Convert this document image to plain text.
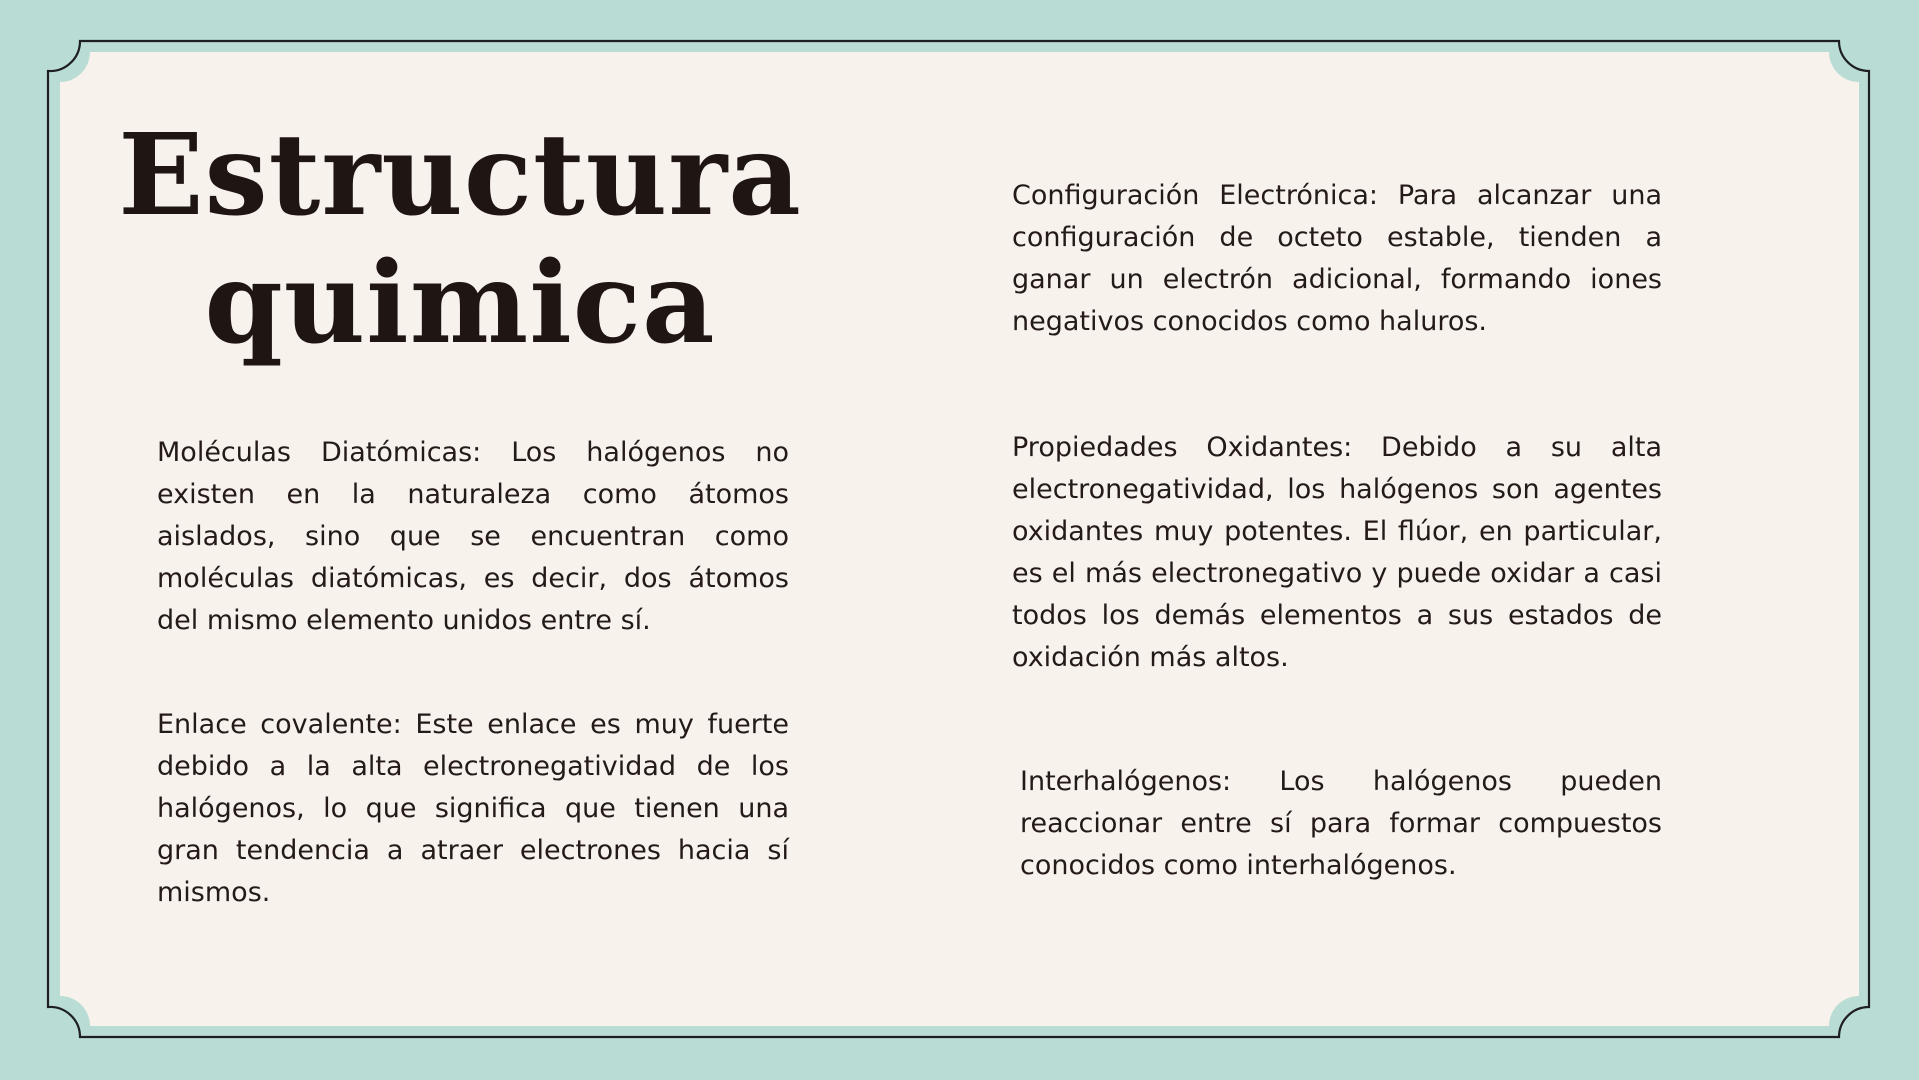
Estructura
quimica

Moléculas Diatómicas: Los halógenos no existen en la naturaleza como átomos aislados, sino que se encuentran como moléculas diatómicas, es decir, dos átomos del mismo elemento unidos entre sí.

Enlace covalente: Este enlace es muy fuerte debido a la alta electronegatividad de los halógenos, lo que significa que tienen una gran tendencia a atraer electrones hacia sí mismos.

Configuración Electrónica: Para alcanzar una configuración de octeto estable, tienden a ganar un electrón adicional, formando iones negativos conocidos como haluros.

Propiedades Oxidantes: Debido a su alta electronegatividad, los halógenos son agentes oxidantes muy potentes. El flúor, en particular, es el más electronegativo y puede oxidar a casi todos los demás elementos a sus estados de oxidación más altos.

Interhalógenos: Los halógenos pueden reaccionar entre sí para formar compuestos conocidos como interhalógenos.
